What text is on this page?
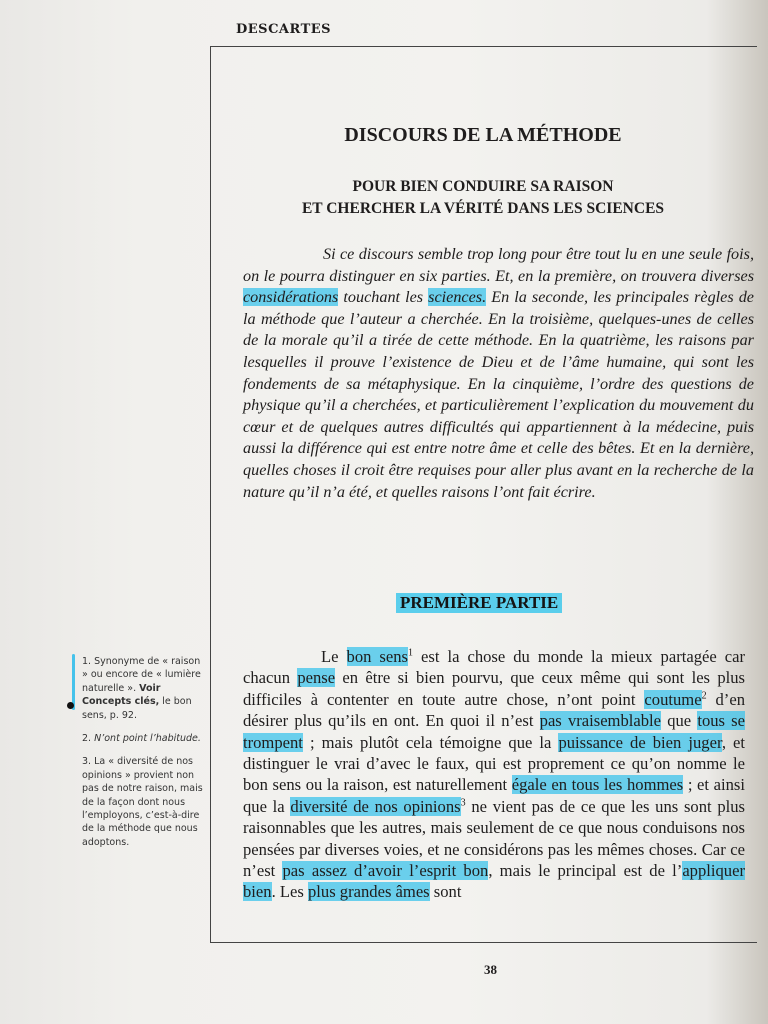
DESCARTES
DISCOURS DE LA MÉTHODE
POUR BIEN CONDUIRE SA RAISON
ET CHERCHER LA VÉRITÉ DANS LES SCIENCES
Si ce discours semble trop long pour être tout lu en une seule fois, on le pourra distinguer en six parties. Et, en la première, on trouvera diverses considérations touchant les sciences. En la seconde, les principales règles de la méthode que l’auteur a cherchée. En la troisième, quelques-unes de celles de la morale qu’il a tirée de cette méthode. En la quatrième, les raisons par lesquelles il prouve l’existence de Dieu et de l’âme humaine, qui sont les fondements de sa métaphysique. En la cinquième, l’ordre des questions de physique qu’il a cherchées, et particulièrement l’explication du mouvement du cœur et de quelques autres difficultés qui appartiennent à la médecine, puis aussi la différence qui est entre notre âme et celle des bêtes. Et en la dernière, quelles choses il croit être requises pour aller plus avant en la recherche de la nature qu’il n’a été, et quelles raisons l’ont fait écrire.
PREMIÈRE PARTIE
Le bon sens$^1$ est la chose du monde la mieux partagée car chacun pense en être si bien pourvu, que ceux même qui sont les plus difficiles à contenter en toute autre chose, n’ont point coutume$^2$ d’en désirer plus qu’ils en ont. En quoi il n’est pas vraisemblable que tous se trompent ; mais plutôt cela témoigne que la puissance de bien juger, et distinguer le vrai d’avec le faux, qui est proprement ce qu’on nomme le bon sens ou la raison, est naturellement égale en tous les hommes ; et ainsi que la diversité de nos opinions$^3$ ne vient pas de ce que les uns sont plus raisonnables que les autres, mais seulement de ce que nous conduisons nos pensées par diverses voies, et ne considérons pas les mêmes choses. Car ce n’est pas assez d’avoir l’esprit bon, mais le principal est de l’appliquer bien. Les plus grandes âmes sont
1. Synonyme de « raison » ou encore de « lumière naturelle ». Voir Concepts clés, le bon sens, p. 92.
2. N’ont point l’habitude.
3. La « diversité de nos opinions » provient non pas de notre raison, mais de la façon dont nous l’employons, c’est-à-dire de la méthode que nous adoptons.
38
